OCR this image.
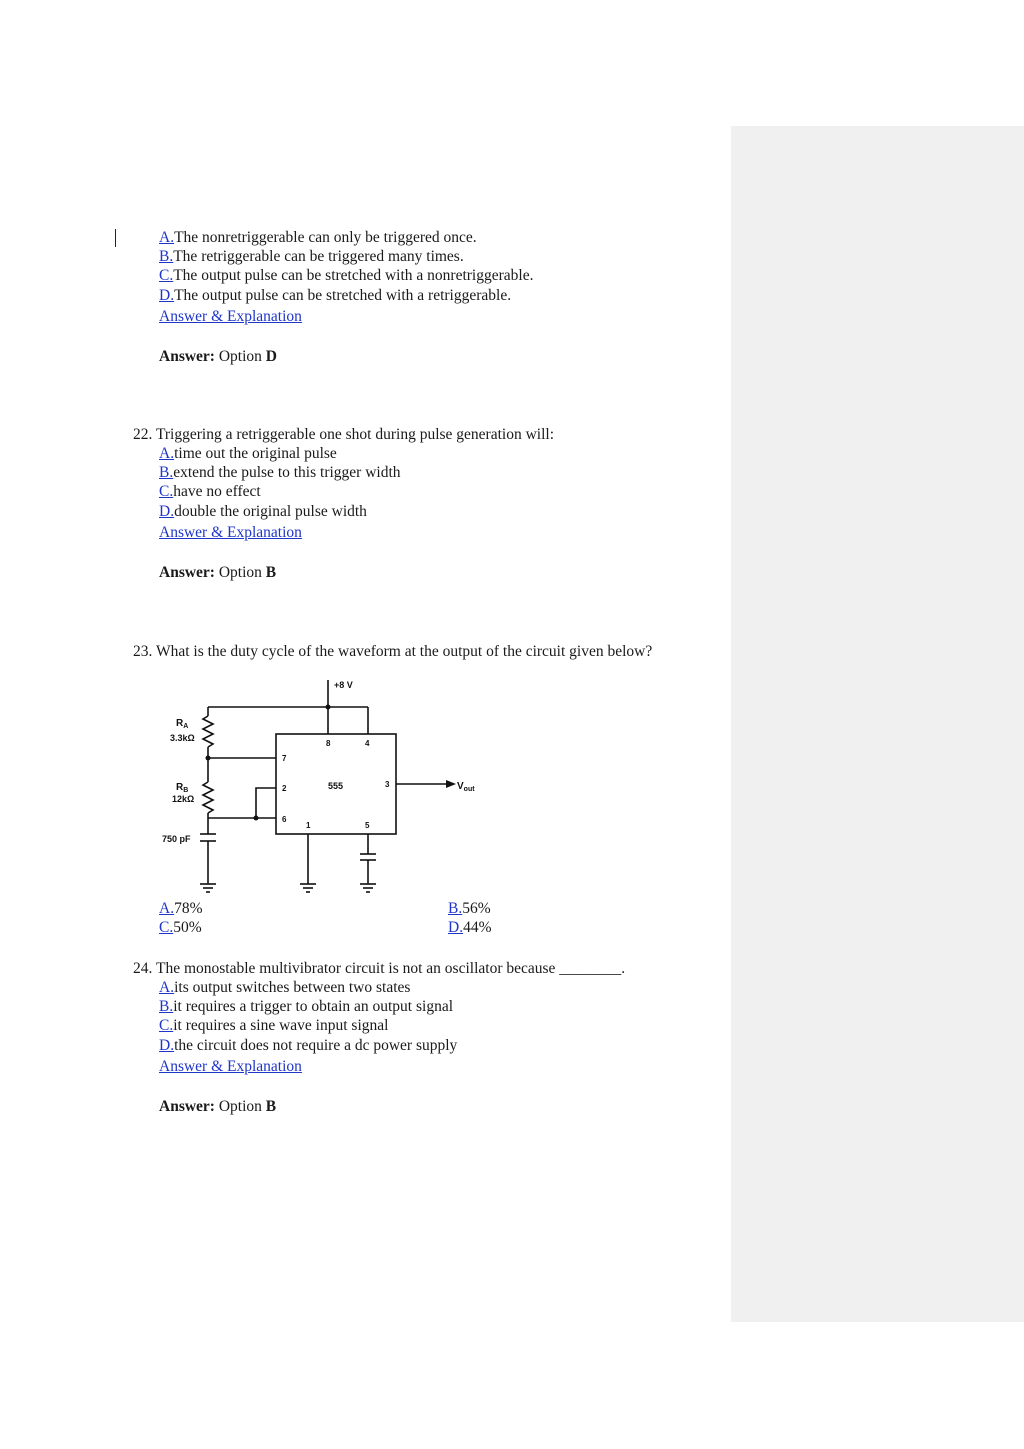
A.The nonretriggerable can only be triggered once.
B.The retriggerable can be triggered many times.
C.The output pulse can be stretched with a nonretriggerable.
D.The output pulse can be stretched with a retriggerable.
Answer & Explanation
Answer: Option D
22. Triggering a retriggerable one shot during pulse generation will:
A.time out the original pulse
B.extend the pulse to this trigger width
C.have no effect
D.double the original pulse width
Answer & Explanation
Answer: Option B
23. What is the duty cycle of the waveform at the output of the circuit given below?
+8 V
$R_A$
3.3kΩ
$R_B$
12kΩ
750 pF
555
8	4
7
2	3
6
1	5
$V_{out}$
A.78%	B.56%
C.50%	D.44%
24. The monostable multivibrator circuit is not an oscillator because ________.
A.its output switches between two states
B.it requires a trigger to obtain an output signal
C.it requires a sine wave input signal
D.the circuit does not require a dc power supply
Answer & Explanation
Answer: Option B
